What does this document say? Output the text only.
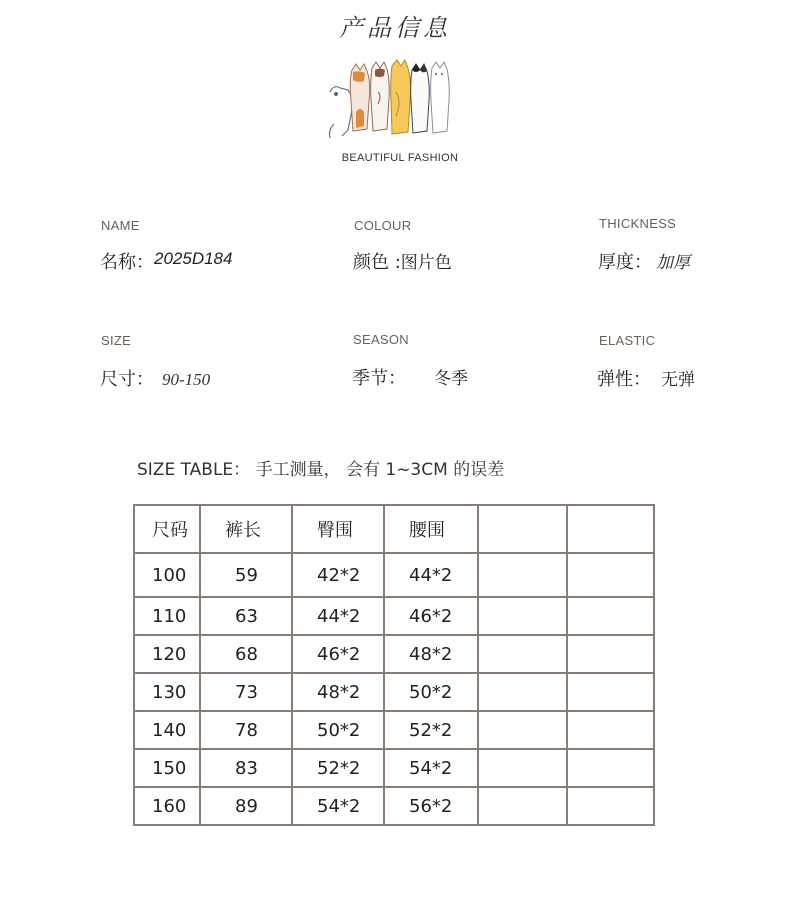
产品信息
BEAUTIFUL FASHION
NAME
名称：2025D184
COLOUR
颜色 :图片色
THICKNESS
厚度： 加厚
SIZE
尺寸： 90-150
SEASON
季节： 冬季
ELASTIC
弹性： 无弹
SIZE TABLE： 手工测量， 会有 1~3CM 的误差
尺码	裤长	臀围	腰围		
100	59	42*2	44*2		
110	63	44*2	46*2		
120	68	46*2	48*2		
130	73	48*2	50*2		
140	78	50*2	52*2		
150	83	52*2	54*2		
160	89	54*2	56*2		
